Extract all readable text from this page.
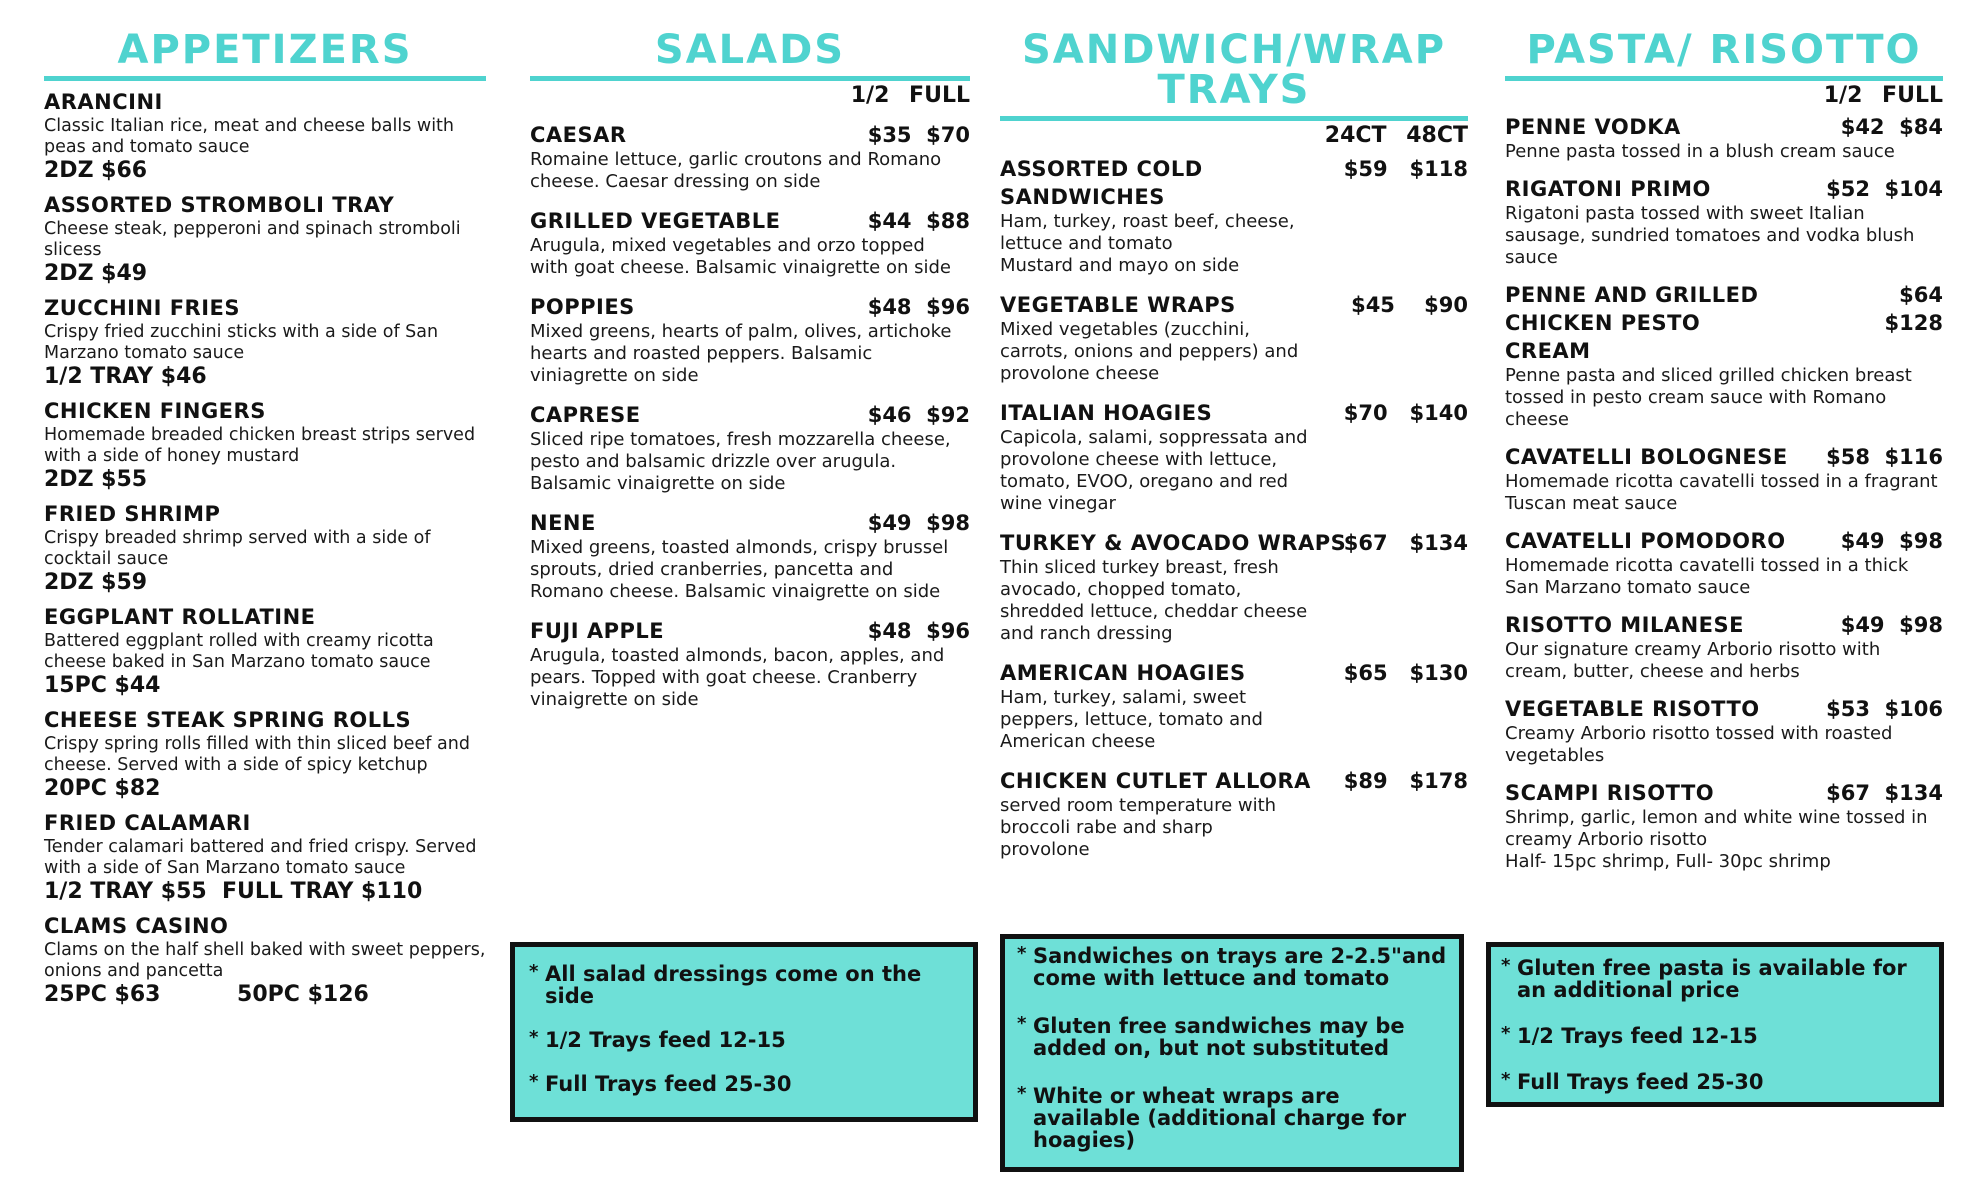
APPETIZERS
ARANCINI
Classic Italian rice, meat and cheese balls with peas and tomato sauce
2DZ $66
ASSORTED STROMBOLI TRAY
Cheese steak, pepperoni and spinach stromboli slicess
2DZ $49
ZUCCHINI FRIES
Crispy fried zucchini sticks with a side of San Marzano tomato sauce
1/2 TRAY $46
CHICKEN FINGERS
Homemade breaded chicken breast strips served with a side of honey mustard
2DZ $55
FRIED SHRIMP
Crispy breaded shrimp served with a side of cocktail sauce
2DZ $59
EGGPLANT ROLLATINE
Battered eggplant rolled with creamy ricotta cheese baked in San Marzano tomato sauce
15PC $44
CHEESE STEAK SPRING ROLLS
Crispy spring rolls filled with thin sliced beef and cheese. Served with a side of spicy ketchup
20PC $82
FRIED CALAMARI
Tender calamari battered and fried crispy. Served with a side of San Marzano tomato sauce
1/2 TRAY $55  FULL TRAY $110
CLAMS CASINO
Clams on the half shell baked with sweet peppers, onions and pancetta
25PC $63          50PC $126
SALADS
1/2 FULL
CAESAR	$35  $70
Romaine lettuce, garlic croutons and Romano cheese. Caesar dressing on side
GRILLED VEGETABLE	$44  $88
Arugula, mixed vegetables and orzo topped with goat cheese. Balsamic vinaigrette on side
POPPIES	$48  $96
Mixed greens, hearts of palm, olives, artichoke hearts and roasted peppers. Balsamic viniagrette on side
CAPRESE	$46  $92
Sliced ripe tomatoes, fresh mozzarella cheese, pesto and balsamic drizzle over arugula. Balsamic vinaigrette on side
NENE	$49  $98
Mixed greens, toasted almonds, crispy brussel sprouts, dried cranberries, pancetta and Romano cheese. Balsamic vinaigrette on side
FUJI APPLE	$48  $96
Arugula, toasted almonds, bacon, apples, and pears. Topped with goat cheese. Cranberry vinaigrette on side

* All salad dressings come on the side

* 1/2 Trays feed 12-15

* Full Trays feed 25-30

SANDWICH/WRAP
TRAYS
24CT 48CT
ASSORTED COLD SANDWICHES
$59   $118
Ham, turkey, roast beef, cheese, lettuce and tomato
Mustard and mayo on side
VEGETABLE WRAPS	$45    $90
Mixed vegetables (zucchini, carrots, onions and peppers) and provolone cheese
ITALIAN HOAGIES	$70   $140
Capicola, salami, soppressata and provolone cheese with lettuce, tomato, EVOO, oregano and red wine vinegar
TURKEY & AVOCADO WRAPS
$67   $134
Thin sliced turkey breast, fresh avocado, chopped tomato, shredded lettuce, cheddar cheese and ranch dressing
AMERICAN HOAGIES	$65   $130
Ham, turkey, salami, sweet peppers, lettuce, tomato and American cheese
CHICKEN CUTLET ALLORA	$89   $178
served room temperature with broccoli rabe and sharp provolone

* Sandwiches on trays are 2-2.5"and come with lettuce and tomato

* Gluten free sandwiches may be added on, but not substituted

* White or wheat wraps are available (additional charge for hoagies)

PASTA/ RISOTTO
1/2 FULL
PENNE VODKA	$42  $84
Penne pasta tossed in a blush cream sauce
RIGATONI PRIMO	$52  $104
Rigatoni pasta tossed with sweet Italian sausage, sundried tomatoes and vodka blush sauce
PENNE AND GRILLED CHICKEN PESTO CREAM
$64
$128
Penne pasta and sliced grilled chicken breast tossed in pesto cream sauce with Romano cheese
CAVATELLI BOLOGNESE	$58  $116
Homemade ricotta cavatelli tossed in a fragrant Tuscan meat sauce
CAVATELLI POMODORO	$49  $98
Homemade ricotta cavatelli tossed in a thick San Marzano tomato sauce
RISOTTO MILANESE	$49  $98
Our signature creamy Arborio risotto with cream, butter, cheese and herbs
VEGETABLE RISOTTO	$53  $106
Creamy Arborio risotto tossed with roasted vegetables
SCAMPI RISOTTO	$67  $134
Shrimp, garlic, lemon and white wine tossed in creamy Arborio risotto
Half- 15pc shrimp, Full- 30pc shrimp

* Gluten free pasta is available for an additional price

* 1/2 Trays feed 12-15

* Full Trays feed 25-30
